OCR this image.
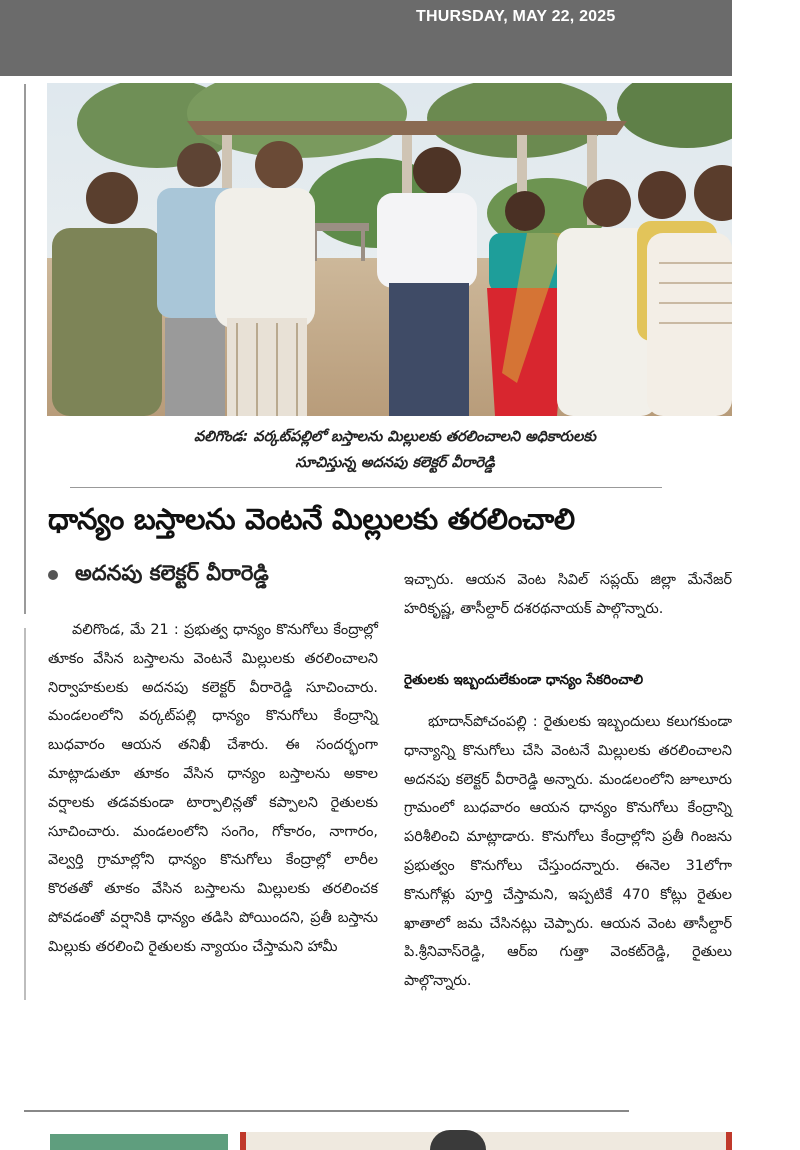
THURSDAY, MAY 22, 2025
వలిగొండ: వర్కట్‌పల్లిలో బస్తాలను మిల్లులకు తరలించాలని అధికారులకు
సూచిస్తున్న అదనపు కలెక్టర్ వీరారెడ్డి
ధాన్యం బస్తాలను వెంటనే మిల్లులకు తరలించాలి
అదనపు కలెక్టర్ వీరారెడ్డి

వలిగొండ, మే 21 : ప్రభుత్వ ధాన్యం కొనుగోలు కేంద్రాల్లో తూకం వేసిన బస్తాలను వెంటనే మిల్లులకు తరలించాలని నిర్వాహకులకు అదనపు కలెక్టర్ వీరారెడ్డి సూచించారు. మండలంలోని వర్కట్‌పల్లి ధాన్యం కొనుగోలు కేంద్రాన్ని బుధవారం ఆయన తనిఖీ చేశారు. ఈ సందర్భంగా మాట్లాడుతూ తూకం వేసిన ధాన్యం బస్తాలను అకాల వర్షాలకు తడవకుండా టార్పాలిన్లతో కప్పాలని రైతులకు సూచించారు. మండలంలోని సంగెం, గోకారం, నాగారం, వెల్వర్తి గ్రామాల్లోని ధాన్యం కొనుగోలు కేంద్రాల్లో లారీల కొరతతో తూకం వేసిన బస్తాలను మిల్లులకు తరలించక పోవడంతో వర్షానికి ధాన్యం తడిసి పోయిందని, ప్రతీ బస్తాను మిల్లుకు తరలించి రైతులకు న్యాయం చేస్తామని హామీ

ఇచ్చారు. ఆయన వెంట సివిల్ సప్లయ్ జిల్లా మేనేజర్ హరికృష్ణ, తాసీల్దార్ దశరథనాయక్ పాల్గొన్నారు.

రైతులకు ఇబ్బందులేకుండా ధాన్యం సేకరించాలి

భూదాన్‌పోచంపల్లి : రైతులకు ఇబ్బందులు కలుగకుండా ధాన్యాన్ని కొనుగోలు చేసి వెంటనే మిల్లులకు తరలించాలని అదనపు కలెక్టర్ వీరారెడ్డి అన్నారు. మండలంలోని జూలూరు గ్రామంలో బుధవారం ఆయన ధాన్యం కొనుగోలు కేంద్రాన్ని పరిశీలించి మాట్లాడారు. కొనుగోలు కేంద్రాల్లోని ప్రతీ గింజను ప్రభుత్వం కొనుగోలు చేస్తుందన్నారు. ఈనెల 31లోగా కొనుగోళ్లు పూర్తి చేస్తామని, ఇప్పటికే 470 కోట్లు రైతుల ఖాతాలో జమ చేసినట్లు చెప్పారు. ఆయన వెంట తాసీల్దార్ పి.శ్రీనివాస్‌రెడ్డి, ఆర్ఐ గుత్తా వెంకట్‌రెడ్డి, రైతులు పాల్గొన్నారు.
